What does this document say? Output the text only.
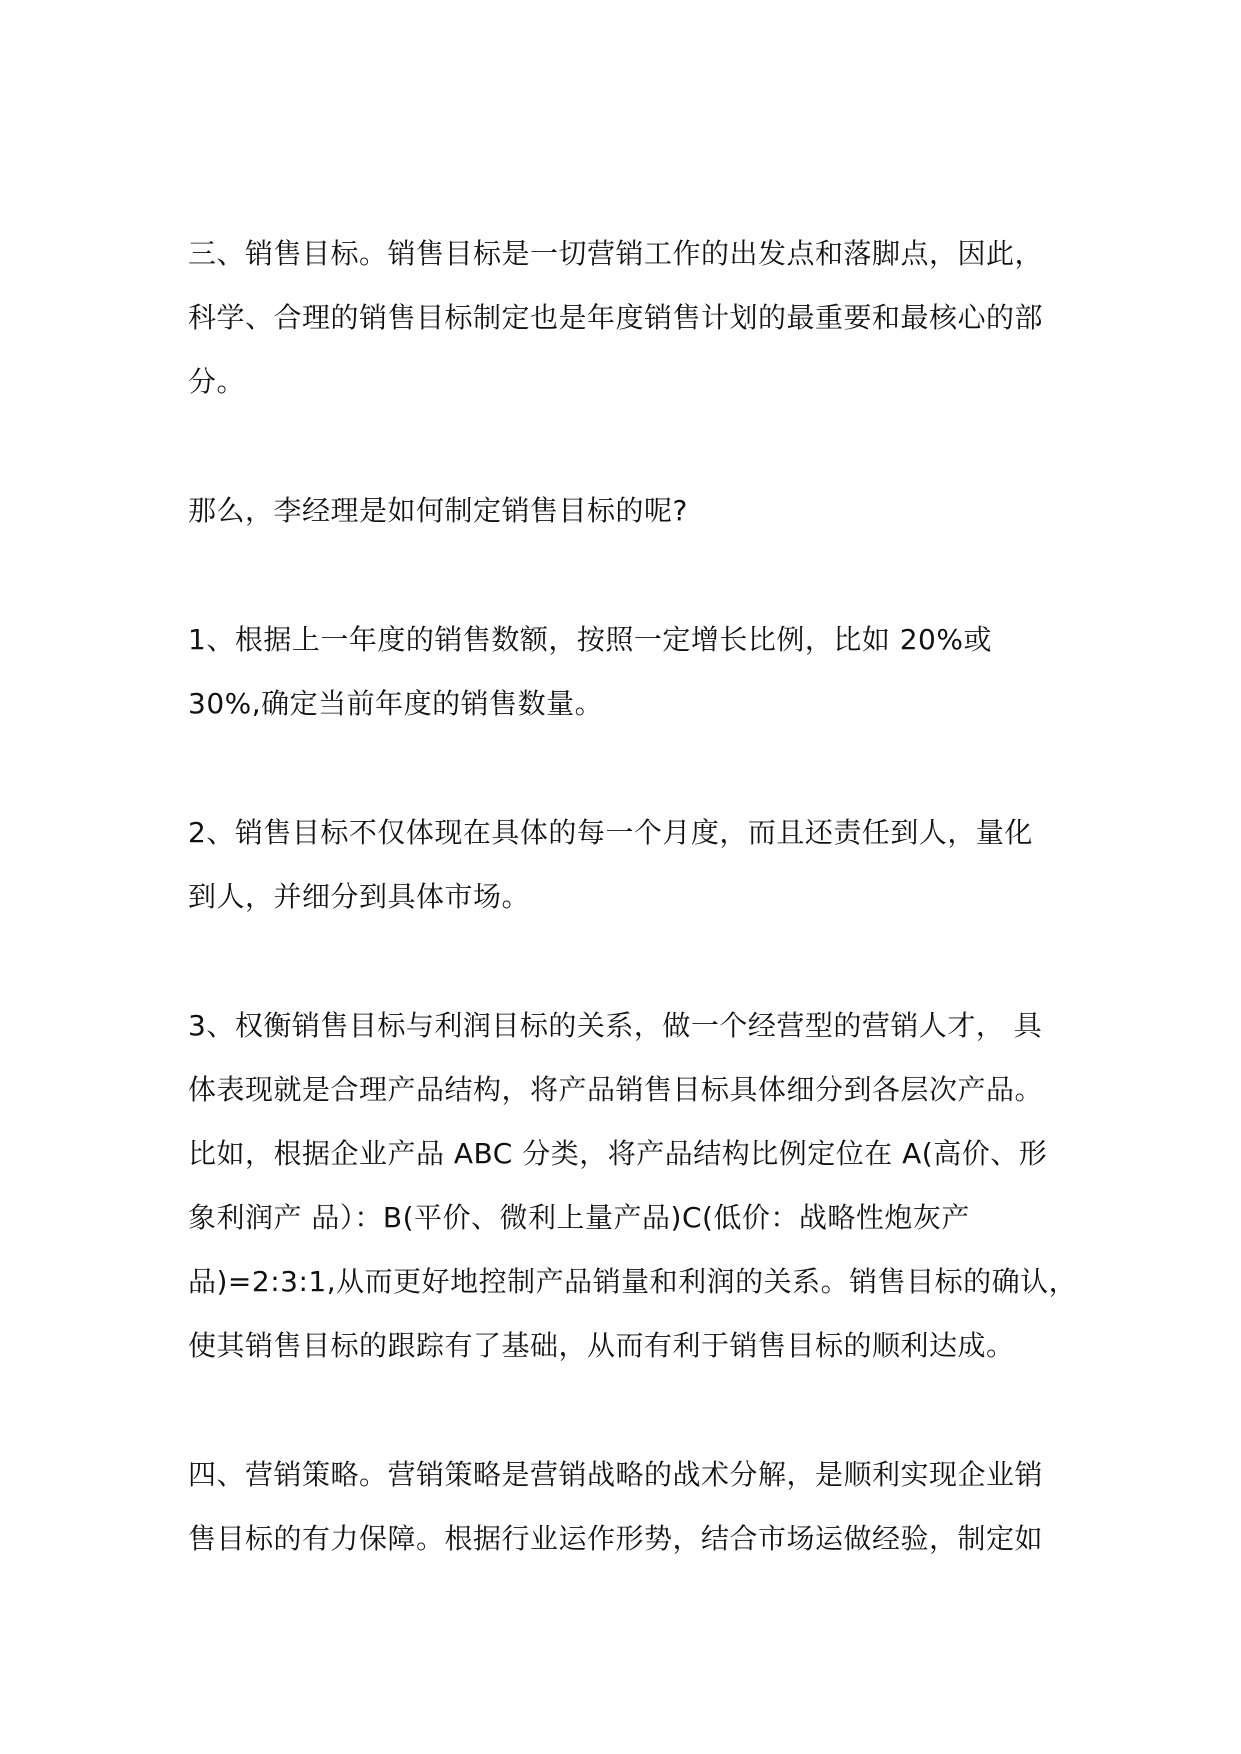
三、销售目标。销售目标是一切营销工作的出发点和落脚点，因此，
科学、合理的销售目标制定也是年度销售计划的最重要和最核心的部
分。
那么，李经理是如何制定销售目标的呢?
1、根据上一年度的销售数额，按照一定增长比例，比如 20%或
30%,确定当前年度的销售数量。
2、销售目标不仅体现在具体的每一个月度，而且还责任到人，量化
到人，并细分到具体市场。
3、权衡销售目标与利润目标的关系，做一个经营型的营销人才， 具
体表现就是合理产品结构，将产品销售目标具体细分到各层次产品。
比如，根据企业产品 ABC 分类，将产品结构比例定位在 A(高价、形
象利润产 品）：B(平价、微利上量产品)C(低价：战略性炮灰产
品)=2:3:1,从而更好地控制产品销量和利润的关系。销售目标的确认，
使其销售目标的跟踪有了基础，从而有利于销售目标的顺利达成。
四、营销策略。营销策略是营销战略的战术分解，是顺利实现企业销
售目标的有力保障。根据行业运作形势，结合市场运做经验，制定如
